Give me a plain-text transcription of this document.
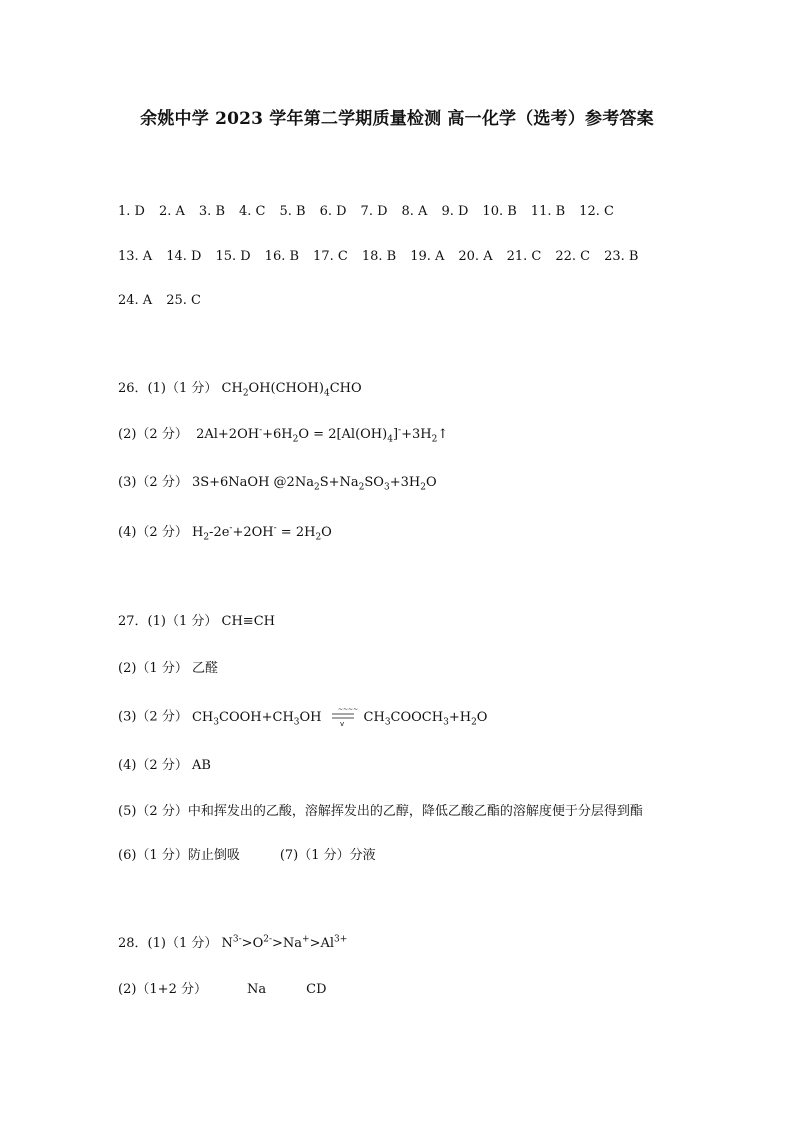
余姚中学 2023 学年第二学期质量检测 高一化学（选考）参考答案
1. D 2. A 3. B 4. C 5. B 6. D 7. D 8. A 9. D 10. B 11. B 12. C
13. A 14. D 15. D 16. B 17. C 18. B 19. A 20. A 21. C 22. C 23. B
24. A 25. C
26．(1)（1 分） $CH_2OH(CHOH)_4CHO$
(2)（2 分）  $2Al+2OH^-+6H_2O$ = $2[Al(OH)_4]^-+3H_2↑$
(3)（2 分） 3S+6NaOH $@2Na_2S+Na_2SO_3+3H_2O$
(4)（2 分） $H_2-2e^-+2OH^- = 2H_2O$
27．(1)（1 分） CH≡CH
(2)（1 分） 乙醛
(3)（2 分） $CH_3COOH+CH_3OH$	~~~~
v $CH_3COOCH_3+H_2O$
(4)（2 分） AB
(5)（2 分）中和挥发出的乙酸，溶解挥发出的乙醇，降低乙酸乙酯的溶解度便于分层得到酯
(6)（1 分）防止倒吸	(7)（1 分）分液
28．(1)（1 分） $N^{3-}>O^{2-}>Na^+>Al^{3+}$
(2)（1+2 分）	Na	CD
